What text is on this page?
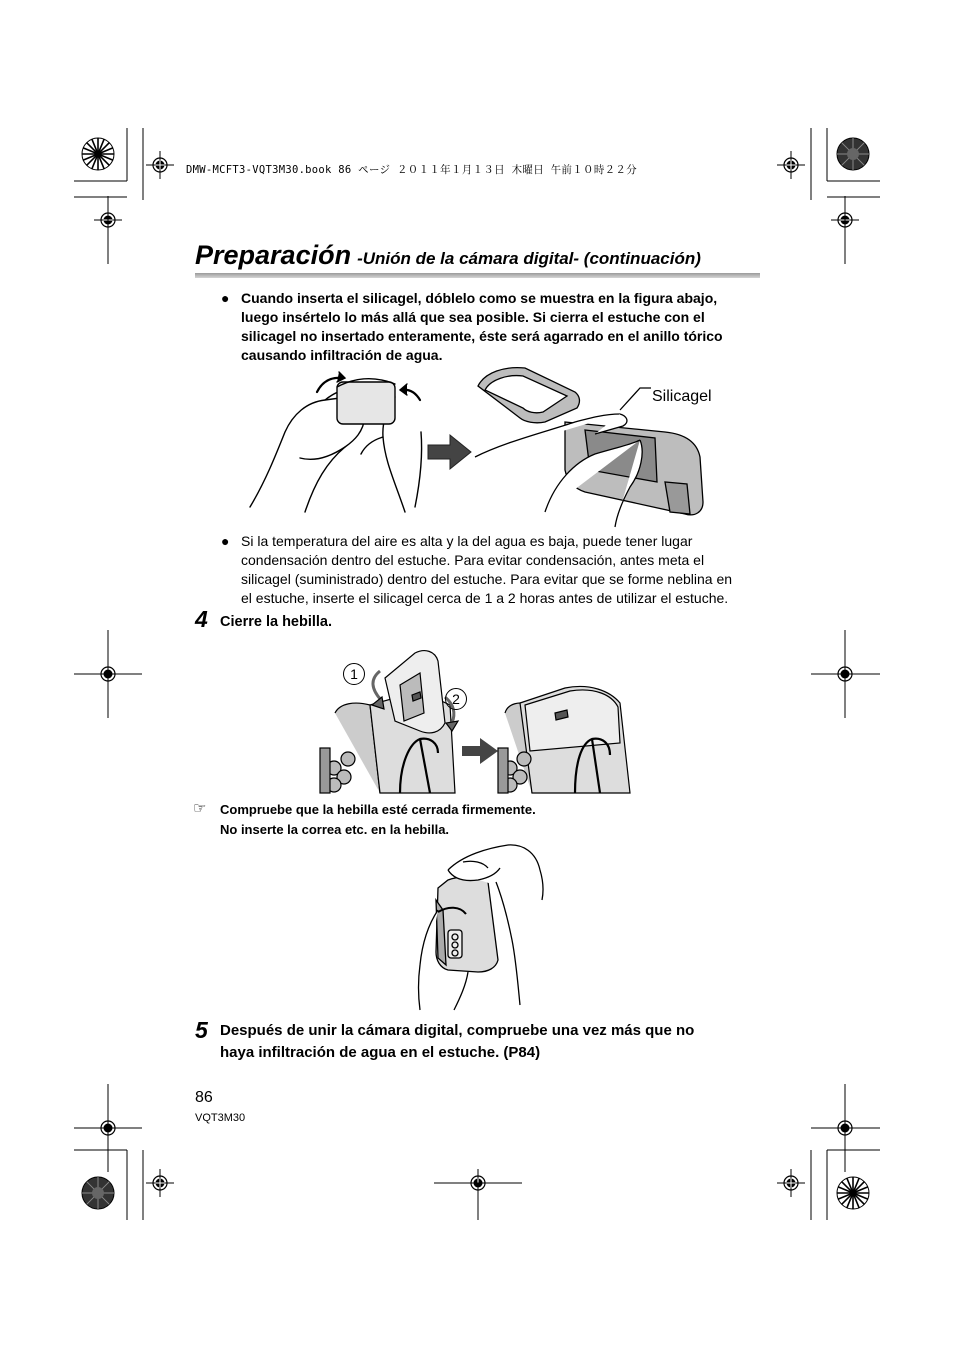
DMW-MCFT3-VQT3M30.book 86 ページ ２０１１年１月１３日 木曜日 午前１０時２２分
Preparación -Unión de la cámara digital- (continuación)
● Cuando inserta el silicagel, dóblelo como se muestra en la figura abajo,
luego insértelo lo más allá que sea posible. Si cierra el estuche con el
silicagel no insertado enteramente, éste será agarrado en el anillo tórico
causando infiltración de agua.
Silicagel
● Si la temperatura del aire es alta y la del agua es baja, puede tener lugar
condensación dentro del estuche. Para evitar condensación, antes meta el
silicagel (suministrado) dentro del estuche. Para evitar que se forme neblina en
el estuche, inserte el silicagel cerca de 1 a 2 horas antes de utilizar el estuche.
4 Cierre la hebilla.
1
2
☞ Compruebe que la hebilla esté cerrada firmemente.
No inserte la correa etc. en la hebilla.
5 Después de unir la cámara digital, compruebe una vez más que no
haya infiltración de agua en el estuche. (P84)
86
VQT3M30
